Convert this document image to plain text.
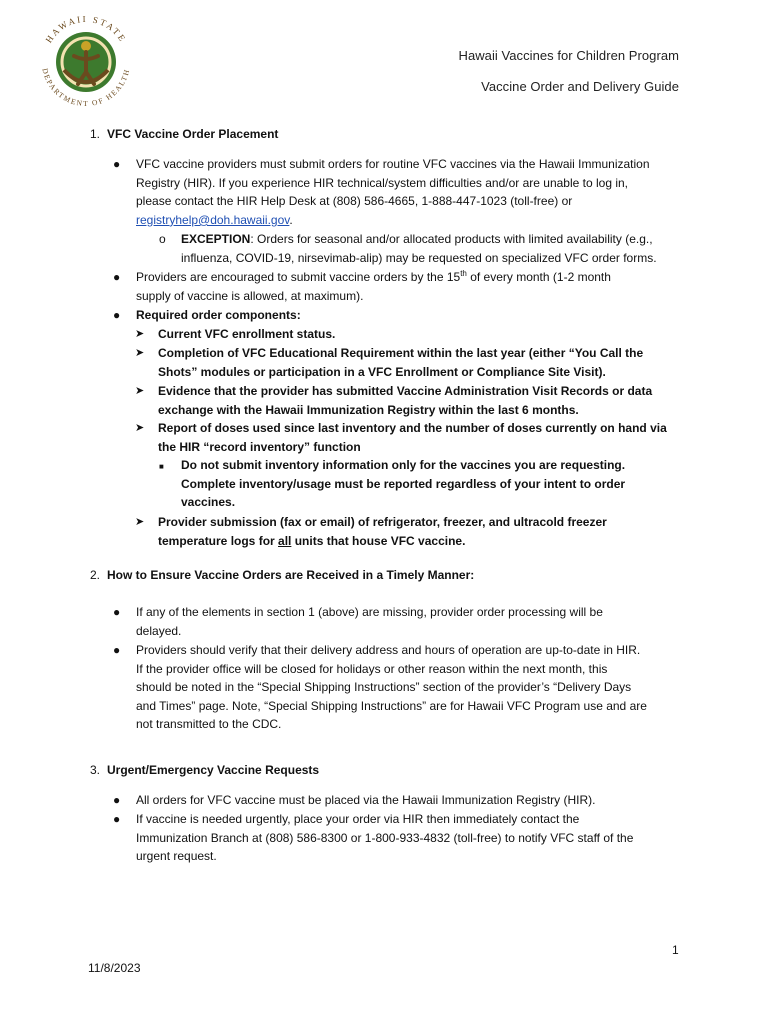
HAWAII STATE
DEPARTMENT OF HEALTH
Hawaii Vaccines for Children Program
Vaccine Order and Delivery Guide
1. VFC Vaccine Order Placement
● VFC vaccine providers must submit orders for routine VFC vaccines via the Hawaii Immunization
Registry (HIR). If you experience HIR technical/system difficulties and/or are unable to log in,
please contact the HIR Help Desk at (808) 586-4665, 1-888-447-1023 (toll-free) or
registryhelp@doh.hawaii.gov.
o EXCEPTION: Orders for seasonal and/or allocated products with limited availability (e.g.,
influenza, COVID-19, nirsevimab-alip) may be requested on specialized VFC order forms.
● Providers are encouraged to submit vaccine orders by the 15th of every month (1-2 month
supply of vaccine is allowed, at maximum).
● Required order components:
➤ Current VFC enrollment status.
➤ Completion of VFC Educational Requirement within the last year (either “You Call the
Shots” modules or participation in a VFC Enrollment or Compliance Site Visit).
➤ Evidence that the provider has submitted Vaccine Administration Visit Records or data
exchange with the Hawaii Immunization Registry within the last 6 months.
➤ Report of doses used since last inventory and the number of doses currently on hand via
the HIR “record inventory” function
■ Do not submit inventory information only for the vaccines you are requesting.
Complete inventory/usage must be reported regardless of your intent to order
vaccines.
➤ Provider submission (fax or email) of refrigerator, freezer, and ultracold freezer
temperature logs for all units that house VFC vaccine.
2. How to Ensure Vaccine Orders are Received in a Timely Manner:
● If any of the elements in section 1 (above) are missing, provider order processing will be
delayed.
● Providers should verify that their delivery address and hours of operation are up-to-date in HIR.
If the provider office will be closed for holidays or other reason within the next month, this
should be noted in the “Special Shipping Instructions” section of the provider’s “Delivery Days
and Times” page. Note, “Special Shipping Instructions” are for Hawaii VFC Program use and are
not transmitted to the CDC.
3. Urgent/Emergency Vaccine Requests
● All orders for VFC vaccine must be placed via the Hawaii Immunization Registry (HIR).
● If vaccine is needed urgently, place your order via HIR then immediately contact the
Immunization Branch at (808) 586-8300 or 1-800-933-4832 (toll-free) to notify VFC staff of the
urgent request.
1
11/8/2023
